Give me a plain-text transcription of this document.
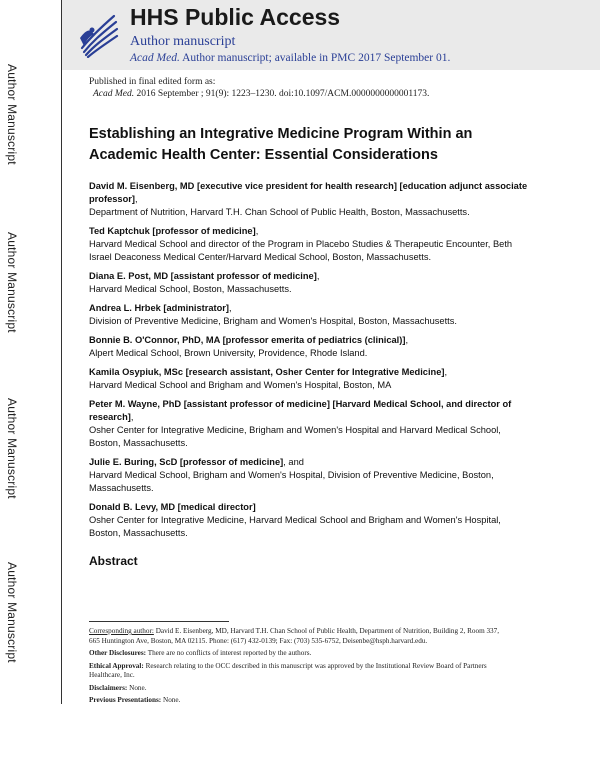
Author Manuscript
Author Manuscript
Author Manuscript
Author Manuscript
HHS Public Access
Author manuscript
Acad Med. Author manuscript; available in PMC 2017 September 01.
Published in final edited form as:
Acad Med. 2016 September ; 91(9): 1223–1230. doi:10.1097/ACM.0000000000001173.
Establishing an Integrative Medicine Program Within an Academic Health Center: Essential Considerations
David M. Eisenberg, MD [executive vice president for health research] [education adjunct associate professor],
Department of Nutrition, Harvard T.H. Chan School of Public Health, Boston, Massachusetts.
Ted Kaptchuk [professor of medicine],
Harvard Medical School and director of the Program in Placebo Studies & Therapeutic Encounter, Beth Israel Deaconess Medical Center/Harvard Medical School, Boston, Massachusetts.
Diana E. Post, MD [assistant professor of medicine],
Harvard Medical School, Boston, Massachusetts.
Andrea L. Hrbek [administrator],
Division of Preventive Medicine, Brigham and Women's Hospital, Boston, Massachusetts.
Bonnie B. O'Connor, PhD, MA [professor emerita of pediatrics (clinical)],
Alpert Medical School, Brown University, Providence, Rhode Island.
Kamila Osypiuk, MSc [research assistant, Osher Center for Integrative Medicine],
Harvard Medical School and Brigham and Women's Hospital, Boston, MA
Peter M. Wayne, PhD [assistant professor of medicine] [Harvard Medical School, and director of research],
Osher Center for Integrative Medicine, Brigham and Women's Hospital and Harvard Medical School, Boston, Massachusetts.
Julie E. Buring, ScD [professor of medicine], and
Harvard Medical School, Brigham and Women's Hospital, Division of Preventive Medicine, Boston, Massachusetts.
Donald B. Levy, MD [medical director]
Osher Center for Integrative Medicine, Harvard Medical School and Brigham and Women's Hospital, Boston, Massachusetts.
Abstract
Corresponding author: David E. Eisenberg, MD, Harvard T.H. Chan School of Public Health, Department of Nutrition, Building 2, Room 337, 665 Huntington Ave, Boston, MA 02115. Phone: (617) 432-0139; Fax: (703) 535-6752, Deisenbe@hsph.harvard.edu.
Other Disclosures: There are no conflicts of interest reported by the authors.
Ethical Approval: Research relating to the OCC described in this manuscript was approved by the Institutional Review Board of Partners Healthcare, Inc.
Disclaimers: None.
Previous Presentations: None.
